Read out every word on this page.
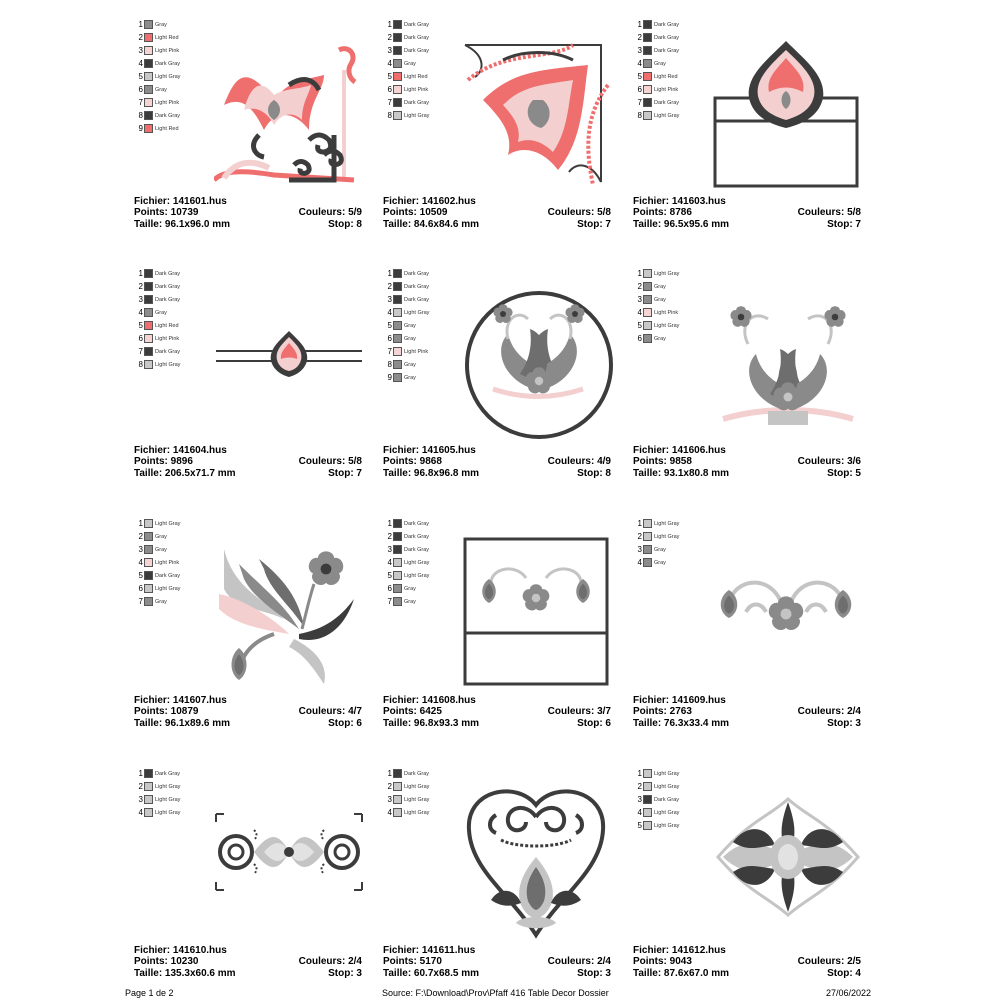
1 Gray
2 Light Red
3 Light Pink
4 Dark Gray
5 Light Gray
6 Gray
7 Light Pink
8 Dark Gray
9 Light Red
Fichier: 141601.hus
Points: 10739	Couleurs: 5/9
Taille: 96.1x96.0 mm	Stop: 8
1 Dark Gray
2 Dark Gray
3 Dark Gray
4 Gray
5 Light Red
6 Light Pink
7 Dark Gray
8 Light Gray
Fichier: 141602.hus
Points: 10509	Couleurs: 5/8
Taille: 84.6x84.6 mm	Stop: 7
1 Dark Gray
2 Dark Gray
3 Dark Gray
4 Gray
5 Light Red
6 Light Pink
7 Dark Gray
8 Light Gray
Fichier: 141603.hus
Points: 8786	Couleurs: 5/8
Taille: 96.5x95.6 mm	Stop: 7
1 Dark Gray
2 Dark Gray
3 Dark Gray
4 Gray
5 Light Red
6 Light Pink
7 Dark Gray
8 Light Gray
Fichier: 141604.hus
Points: 9896	Couleurs: 5/8
Taille: 206.5x71.7 mm	Stop: 7
1 Dark Gray
2 Dark Gray
3 Dark Gray
4 Light Gray
5 Gray
6 Gray
7 Light Pink
8 Gray
9 Gray
Fichier: 141605.hus
Points: 9868	Couleurs: 4/9
Taille: 96.8x96.8 mm	Stop: 8
1 Light Gray
2 Gray
3 Gray
4 Light Pink
5 Light Gray
6 Gray
Fichier: 141606.hus
Points: 9858	Couleurs: 3/6
Taille: 93.1x80.8 mm	Stop: 5
1 Light Gray
2 Gray
3 Gray
4 Light Pink
5 Dark Gray
6 Light Gray
7 Gray
Fichier: 141607.hus
Points: 10879	Couleurs: 4/7
Taille: 96.1x89.6 mm	Stop: 6
1 Dark Gray
2 Dark Gray
3 Dark Gray
4 Light Gray
5 Light Gray
6 Gray
7 Gray
Fichier: 141608.hus
Points: 6425	Couleurs: 3/7
Taille: 96.8x93.3 mm	Stop: 6
1 Light Gray
2 Light Gray
3 Gray
4 Gray
Fichier: 141609.hus
Points: 2763	Couleurs: 2/4
Taille: 76.3x33.4 mm	Stop: 3
1 Dark Gray
2 Light Gray
3 Light Gray
4 Light Gray
Fichier: 141610.hus
Points: 10230	Couleurs: 2/4
Taille: 135.3x60.6 mm	Stop: 3
1 Dark Gray
2 Light Gray
3 Light Gray
4 Light Gray
Fichier: 141611.hus
Points: 5170	Couleurs: 2/4
Taille: 60.7x68.5 mm	Stop: 3
1 Light Gray
2 Light Gray
3 Dark Gray
4 Light Gray
5 Light Gray
Fichier: 141612.hus
Points: 9043	Couleurs: 2/5
Taille: 87.6x67.0 mm	Stop: 4
Page 1 de 2	Source: F:\Download\Prov\Pfaff 416 Table Decor Dossier	27/06/2022
